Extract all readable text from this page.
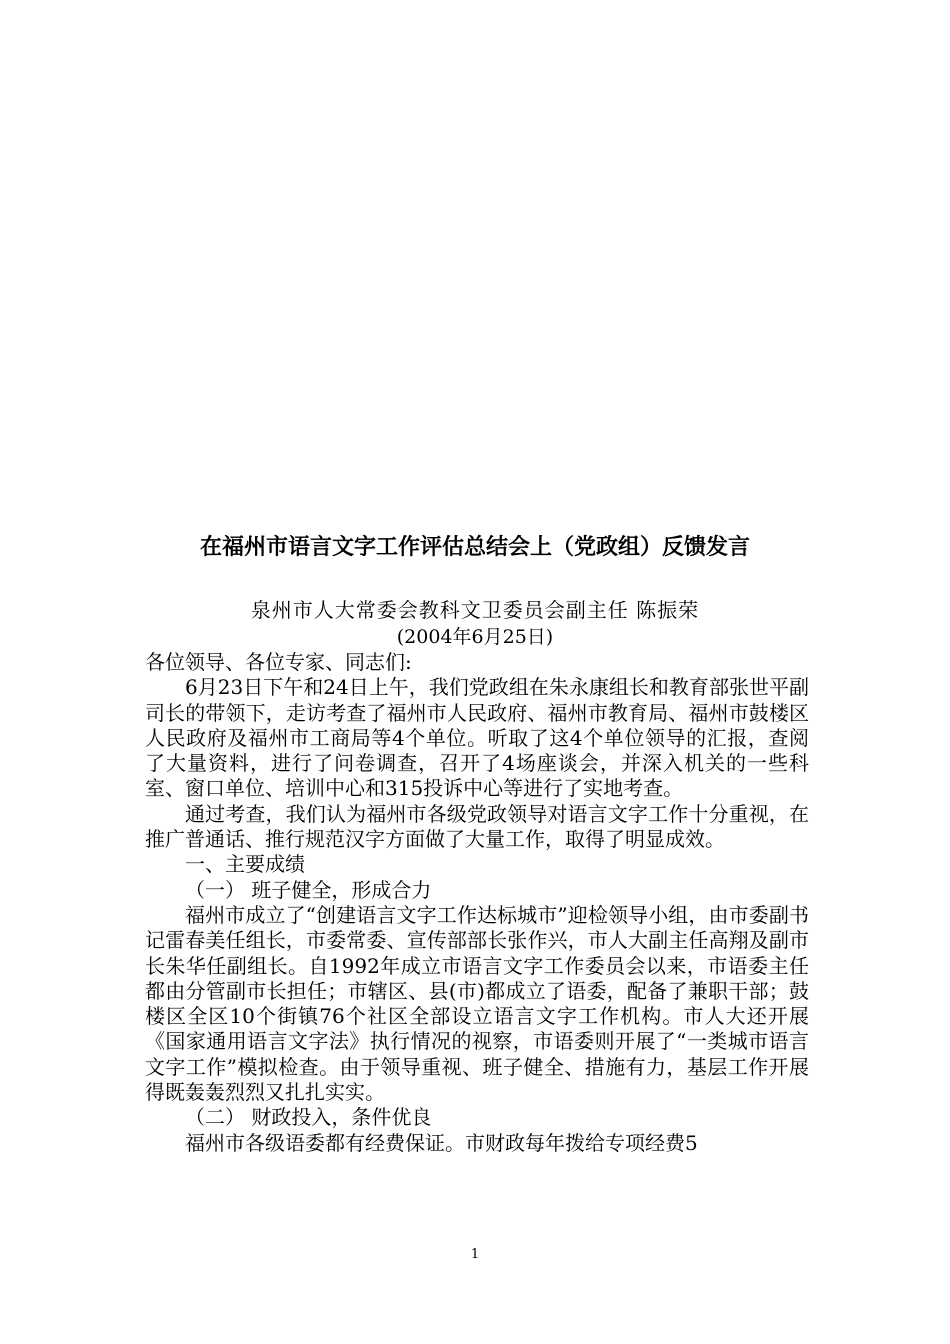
在福州市语言文字工作评估总结会上（党政组）反馈发言
泉州市人大常委会教科文卫委员会副主任 陈振荣
(2004年6月25日)

各位领导、各位专家、同志们:

6月23日下午和24日上午，我们党政组在朱永康组长和教育部张世平副司长的带领下，走访考查了福州市人民政府、福州市教育局、福州市鼓楼区人民政府及福州市工商局等4个单位。听取了这4个单位领导的汇报，查阅了大量资料，进行了问卷调查，召开了4场座谈会，并深入机关的一些科室、窗口单位、培训中心和315投诉中心等进行了实地考查。

通过考查，我们认为福州市各级党政领导对语言文字工作十分重视，在推广普通话、推行规范汉字方面做了大量工作，取得了明显成效。

一、主要成绩

（一） 班子健全，形成合力

福州市成立了“创建语言文字工作达标城市”迎检领导小组，由市委副书记雷春美任组长，市委常委、宣传部部长张作兴，市人大副主任高翔及副市长朱华任副组长。自1992年成立市语言文字工作委员会以来，市语委主任都由分管副市长担任；市辖区、县(市)都成立了语委，配备了兼职干部；鼓楼区全区10个街镇76个社区全部设立语言文字工作机构。市人大还开展《国家通用语言文字法》执行情况的视察，市语委则开展了“一类城市语言文字工作”模拟检查。由于领导重视、班子健全、措施有力，基层工作开展得既轰轰烈烈又扎扎实实。

（二） 财政投入，条件优良

福州市各级语委都有经费保证。市财政每年拨给专项经费5

1
